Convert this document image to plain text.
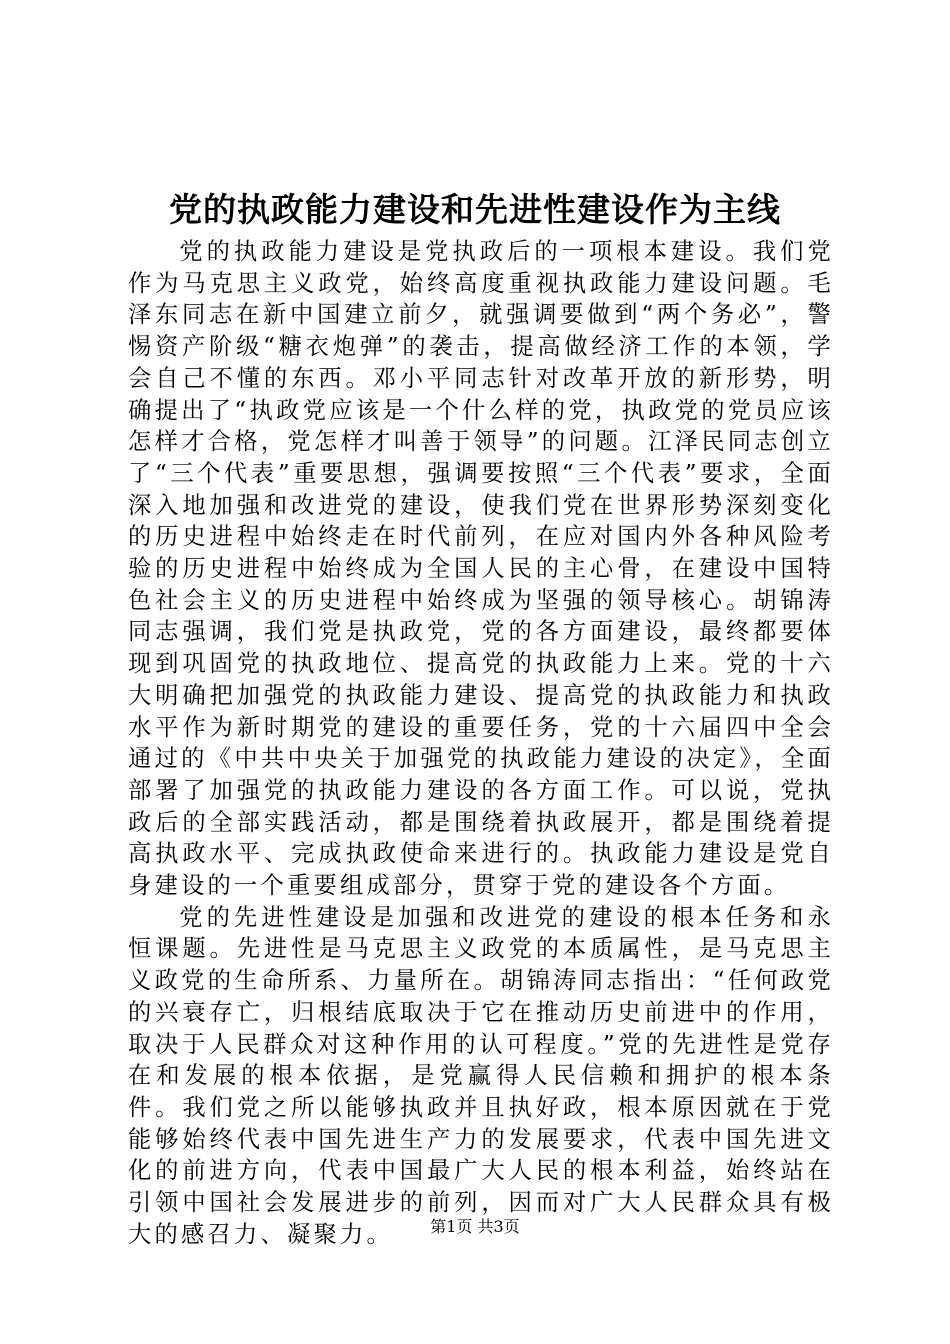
党的执政能力建设和先进性建设作为主线

党的执政能力建设是党执政后的一项根本建设。我们党作为马克思主义政党，始终高度重视执政能力建设问题。毛泽东同志在新中国建立前夕，就强调要做到“两个务必”，警惕资产阶级“糖衣炮弹”的袭击，提高做经济工作的本领，学会自己不懂的东西。邓小平同志针对改革开放的新形势，明确提出了“执政党应该是一个什么样的党，执政党的党员应该怎样才合格，党怎样才叫善于领导”的问题。江泽民同志创立了“三个代表”重要思想，强调要按照“三个代表”要求，全面深入地加强和改进党的建设，使我们党在世界形势深刻变化的历史进程中始终走在时代前列，在应对国内外各种风险考验的历史进程中始终成为全国人民的主心骨，在建设中国特色社会主义的历史进程中始终成为坚强的领导核心。胡锦涛同志强调，我们党是执政党，党的各方面建设，最终都要体现到巩固党的执政地位、提高党的执政能力上来。党的十六大明确把加强党的执政能力建设、提高党的执政能力和执政水平作为新时期党的建设的重要任务，党的十六届四中全会通过的《中共中央关于加强党的执政能力建设的决定》，全面部署了加强党的执政能力建设的各方面工作。可以说，党执政后的全部实践活动，都是围绕着执政展开，都是围绕着提高执政水平、完成执政使命来进行的。执政能力建设是党自身建设的一个重要组成部分，贯穿于党的建设各个方面。

党的先进性建设是加强和改进党的建设的根本任务和永恒课题。先进性是马克思主义政党的本质属性，是马克思主义政党的生命所系、力量所在。胡锦涛同志指出：“任何政党的兴衰存亡，归根结底取决于它在推动历史前进中的作用，取决于人民群众对这种作用的认可程度。”党的先进性是党存在和发展的根本依据，是党赢得人民信赖和拥护的根本条件。我们党之所以能够执政并且执好政，根本原因就在于党能够始终代表中国先进生产力的发展要求，代表中国先进文化的前进方向，代表中国最广大人民的根本利益，始终站在引领中国社会发展进步的前列，因而对广大人民群众具有极大的感召力、凝聚力。	第1页 共3页
